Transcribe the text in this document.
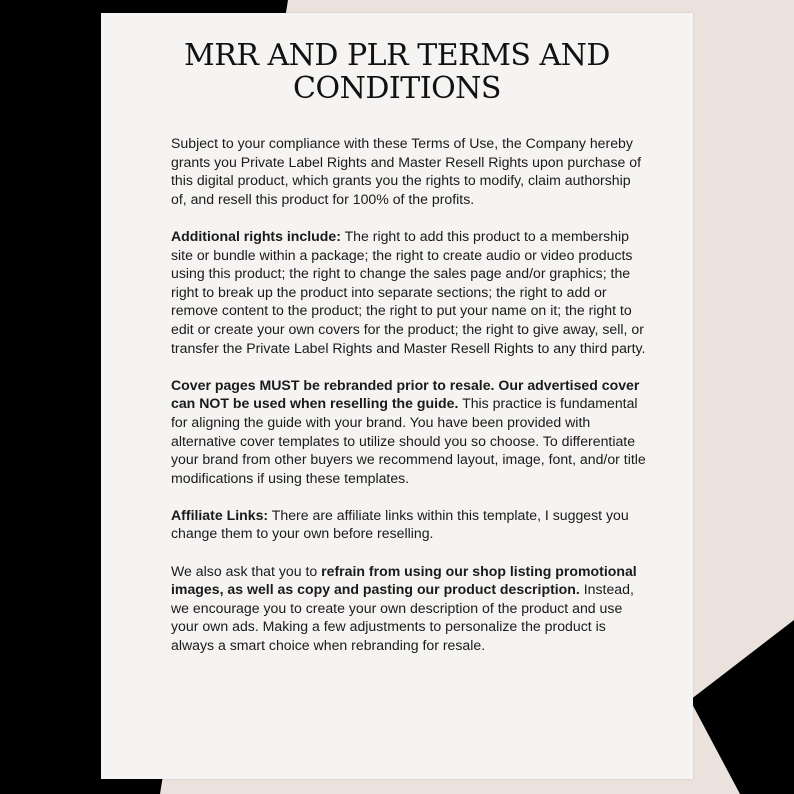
MRR AND PLR TERMS AND CONDITIONS

Subject to your compliance with these Terms of Use, the Company hereby grants you Private Label Rights and Master Resell Rights upon purchase of this digital product, which grants you the rights to modify, claim authorship of, and resell this product for 100% of the profits.

Additional rights include: The right to add this product to a membership site or bundle within a package; the right to create audio or video products using this product; the right to change the sales page and/or graphics; the right to break up the product into separate sections; the right to add or remove content to the product; the right to put your name on it; the right to edit or create your own covers for the product; the right to give away, sell, or transfer the Private Label Rights and Master Resell Rights to any third party.

Cover pages MUST be rebranded prior to resale. Our advertised cover can NOT be used when reselling the guide. This practice is fundamental for aligning the guide with your brand. You have been provided with alternative cover templates to utilize should you so choose. To differentiate your brand from other buyers we recommend layout, image, font, and/or title modifications if using these templates.

Affiliate Links: There are affiliate links within this template, I suggest you change them to your own before reselling.

We also ask that you to refrain from using our shop listing promotional images, as well as copy and pasting our product description. Instead, we encourage you to create your own description of the product and use your own ads. Making a few adjustments to personalize the product is always a smart choice when rebranding for resale.
